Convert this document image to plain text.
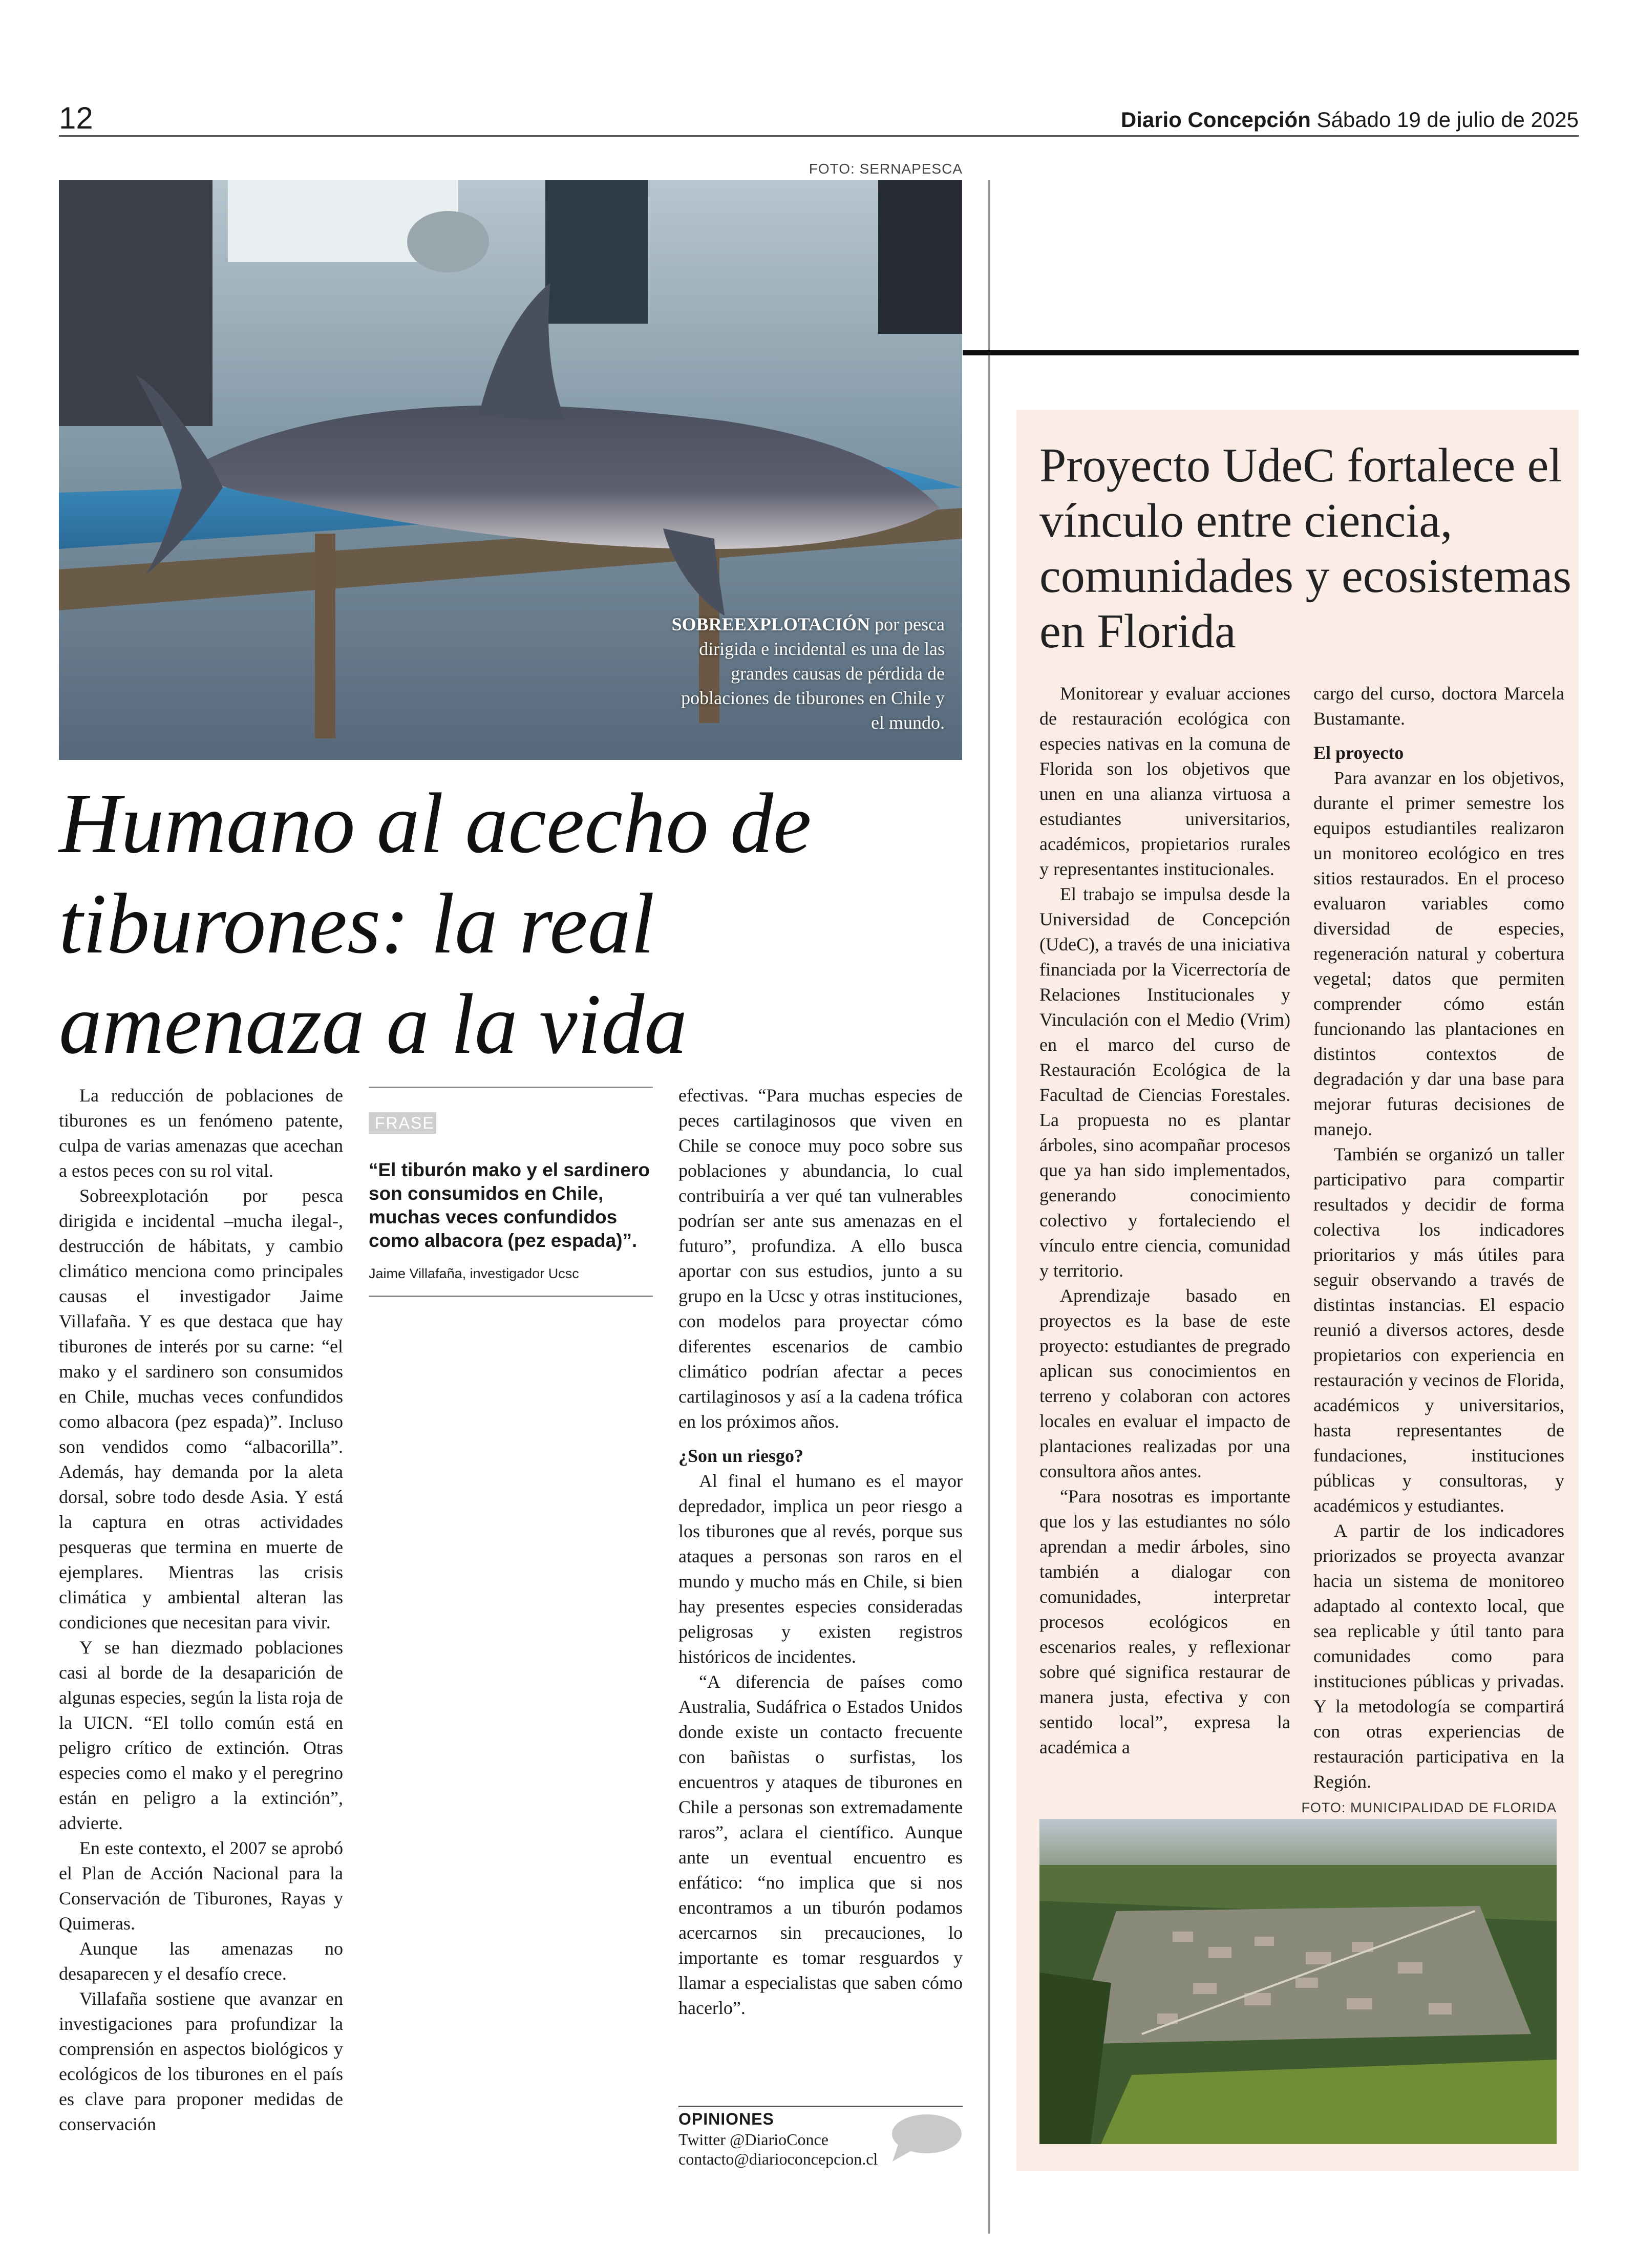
12	Diario Concepción Sábado 19 de julio de 2025
FOTO: SERNAPESCA
SOBREEXPLOTACIÓN por pesca dirigida e incidental es una de las grandes causas de pérdida de poblaciones de tiburones en Chile y el mundo.
Humano al acecho de tiburones: la real amenaza a la vida

La reducción de poblaciones de tiburones es un fenómeno patente, culpa de varias amenazas que acechan a estos peces con su rol vital.

Sobreexplotación por pesca dirigida e incidental –mucha ilegal-, destrucción de hábitats, y cambio climático menciona como principales causas el investigador Jaime Villafaña. Y es que destaca que hay tiburones de interés por su carne: “el mako y el sardinero son consumidos en Chile, muchas veces confundidos como albacora (pez espada)”. Incluso son vendidos como “albacorilla”. Además, hay demanda por la aleta dorsal, sobre todo desde Asia. Y está la captura en otras actividades pesqueras que termina en muerte de ejemplares. Mientras las crisis climática y ambiental alteran las condiciones que necesitan para vivir.

Y se han diezmado poblaciones casi al borde de la desaparición de algunas especies, según la lista roja de la UICN. “El tollo común está en peligro crítico de extinción. Otras especies como el mako y el peregrino están en peligro a la extinción”, advierte.

En este contexto, el 2007 se aprobó el Plan de Acción Nacional para la Conservación de Tiburones, Rayas y Quimeras.

Aunque las amenazas no desaparecen y el desafío crece.

Villafaña sostiene que avanzar en investigaciones para profundizar la comprensión en aspectos biológicos y ecológicos de los tiburones en el país es clave para proponer medidas de conservación

FRASE
“El tiburón mako y el sardinero son consumidos en Chile, muchas veces confundidos como albacora (pez espada)”.
Jaime Villafaña, investigador Ucsc

efectivas. “Para muchas especies de peces cartilaginosos que viven en Chile se conoce muy poco sobre sus poblaciones y abundancia, lo cual contribuiría a ver qué tan vulnerables podrían ser ante sus amenazas en el futuro”, profundiza. A ello busca aportar con sus estudios, junto a su grupo en la Ucsc y otras instituciones, con modelos para proyectar cómo diferentes escenarios de cambio climático podrían afectar a peces cartilaginosos y así a la cadena trófica en los próximos años.

¿Son un riesgo?

Al final el humano es el mayor depredador, implica un peor riesgo a los tiburones que al revés, porque sus ataques a personas son raros en el mundo y mucho más en Chile, si bien hay presentes especies consideradas peligrosas y existen registros históricos de incidentes.

“A diferencia de países como Australia, Sudáfrica o Estados Unidos donde existe un contacto frecuente con bañistas o surfistas, los encuentros y ataques de tiburones en Chile a personas son extremadamente raros”, aclara el científico. Aunque ante un eventual encuentro es enfático: “no implica que si nos encontramos a un tiburón podamos acercarnos sin precauciones, lo importante es tomar resguardos y llamar a especialistas que saben cómo hacerlo”.

OPINIONES
Twitter @DiarioConce
contacto@diarioconcepcion.cl
Proyecto UdeC fortalece el vínculo entre ciencia, comunidades y ecosistemas en Florida

Monitorear y evaluar acciones de restauración ecológica con especies nativas en la comuna de Florida son los objetivos que unen en una alianza virtuosa a estudiantes universitarios, académicos, propietarios rurales y representantes institucionales.

El trabajo se impulsa desde la Universidad de Concepción (UdeC), a través de una iniciativa financiada por la Vicerrectoría de Relaciones Institucionales y Vinculación con el Medio (Vrim) en el marco del curso de Restauración Ecológica de la Facultad de Ciencias Forestales. La propuesta no es plantar árboles, sino acompañar procesos que ya han sido implementados, generando conocimiento colectivo y fortaleciendo el vínculo entre ciencia, comunidad y territorio.

Aprendizaje basado en proyectos es la base de este proyecto: estudiantes de pregrado aplican sus conocimientos en terreno y colaboran con actores locales en evaluar el impacto de plantaciones realizadas por una consultora años antes.

“Para nosotras es importante que los y las estudiantes no sólo aprendan a medir árboles, sino también a dialogar con comunidades, interpretar procesos ecológicos en escenarios reales, y reflexionar sobre qué significa restaurar de manera justa, efectiva y con sentido local”, expresa la académica a

cargo del curso, doctora Marcela Bustamante.

El proyecto

Para avanzar en los objetivos, durante el primer semestre los equipos estudiantiles realizaron un monitoreo ecológico en tres sitios restaurados. En el proceso evaluaron variables como diversidad de especies, regeneración natural y cobertura vegetal; datos que permiten comprender cómo están funcionando las plantaciones en distintos contextos de degradación y dar una base para mejorar futuras decisiones de manejo.

También se organizó un taller participativo para compartir resultados y decidir de forma colectiva los indicadores prioritarios y más útiles para seguir observando a través de distintas instancias. El espacio reunió a diversos actores, desde propietarios con experiencia en restauración y vecinos de Florida, académicos y universitarios, hasta representantes de fundaciones, instituciones públicas y consultoras, y académicos y estudiantes.

A partir de los indicadores priorizados se proyecta avanzar hacia un sistema de monitoreo adaptado al contexto local, que sea replicable y útil tanto para comunidades como para instituciones públicas y privadas. Y la metodología se compartirá con otras experiencias de restauración participativa en la Región.

FOTO: MUNICIPALIDAD DE FLORIDA
